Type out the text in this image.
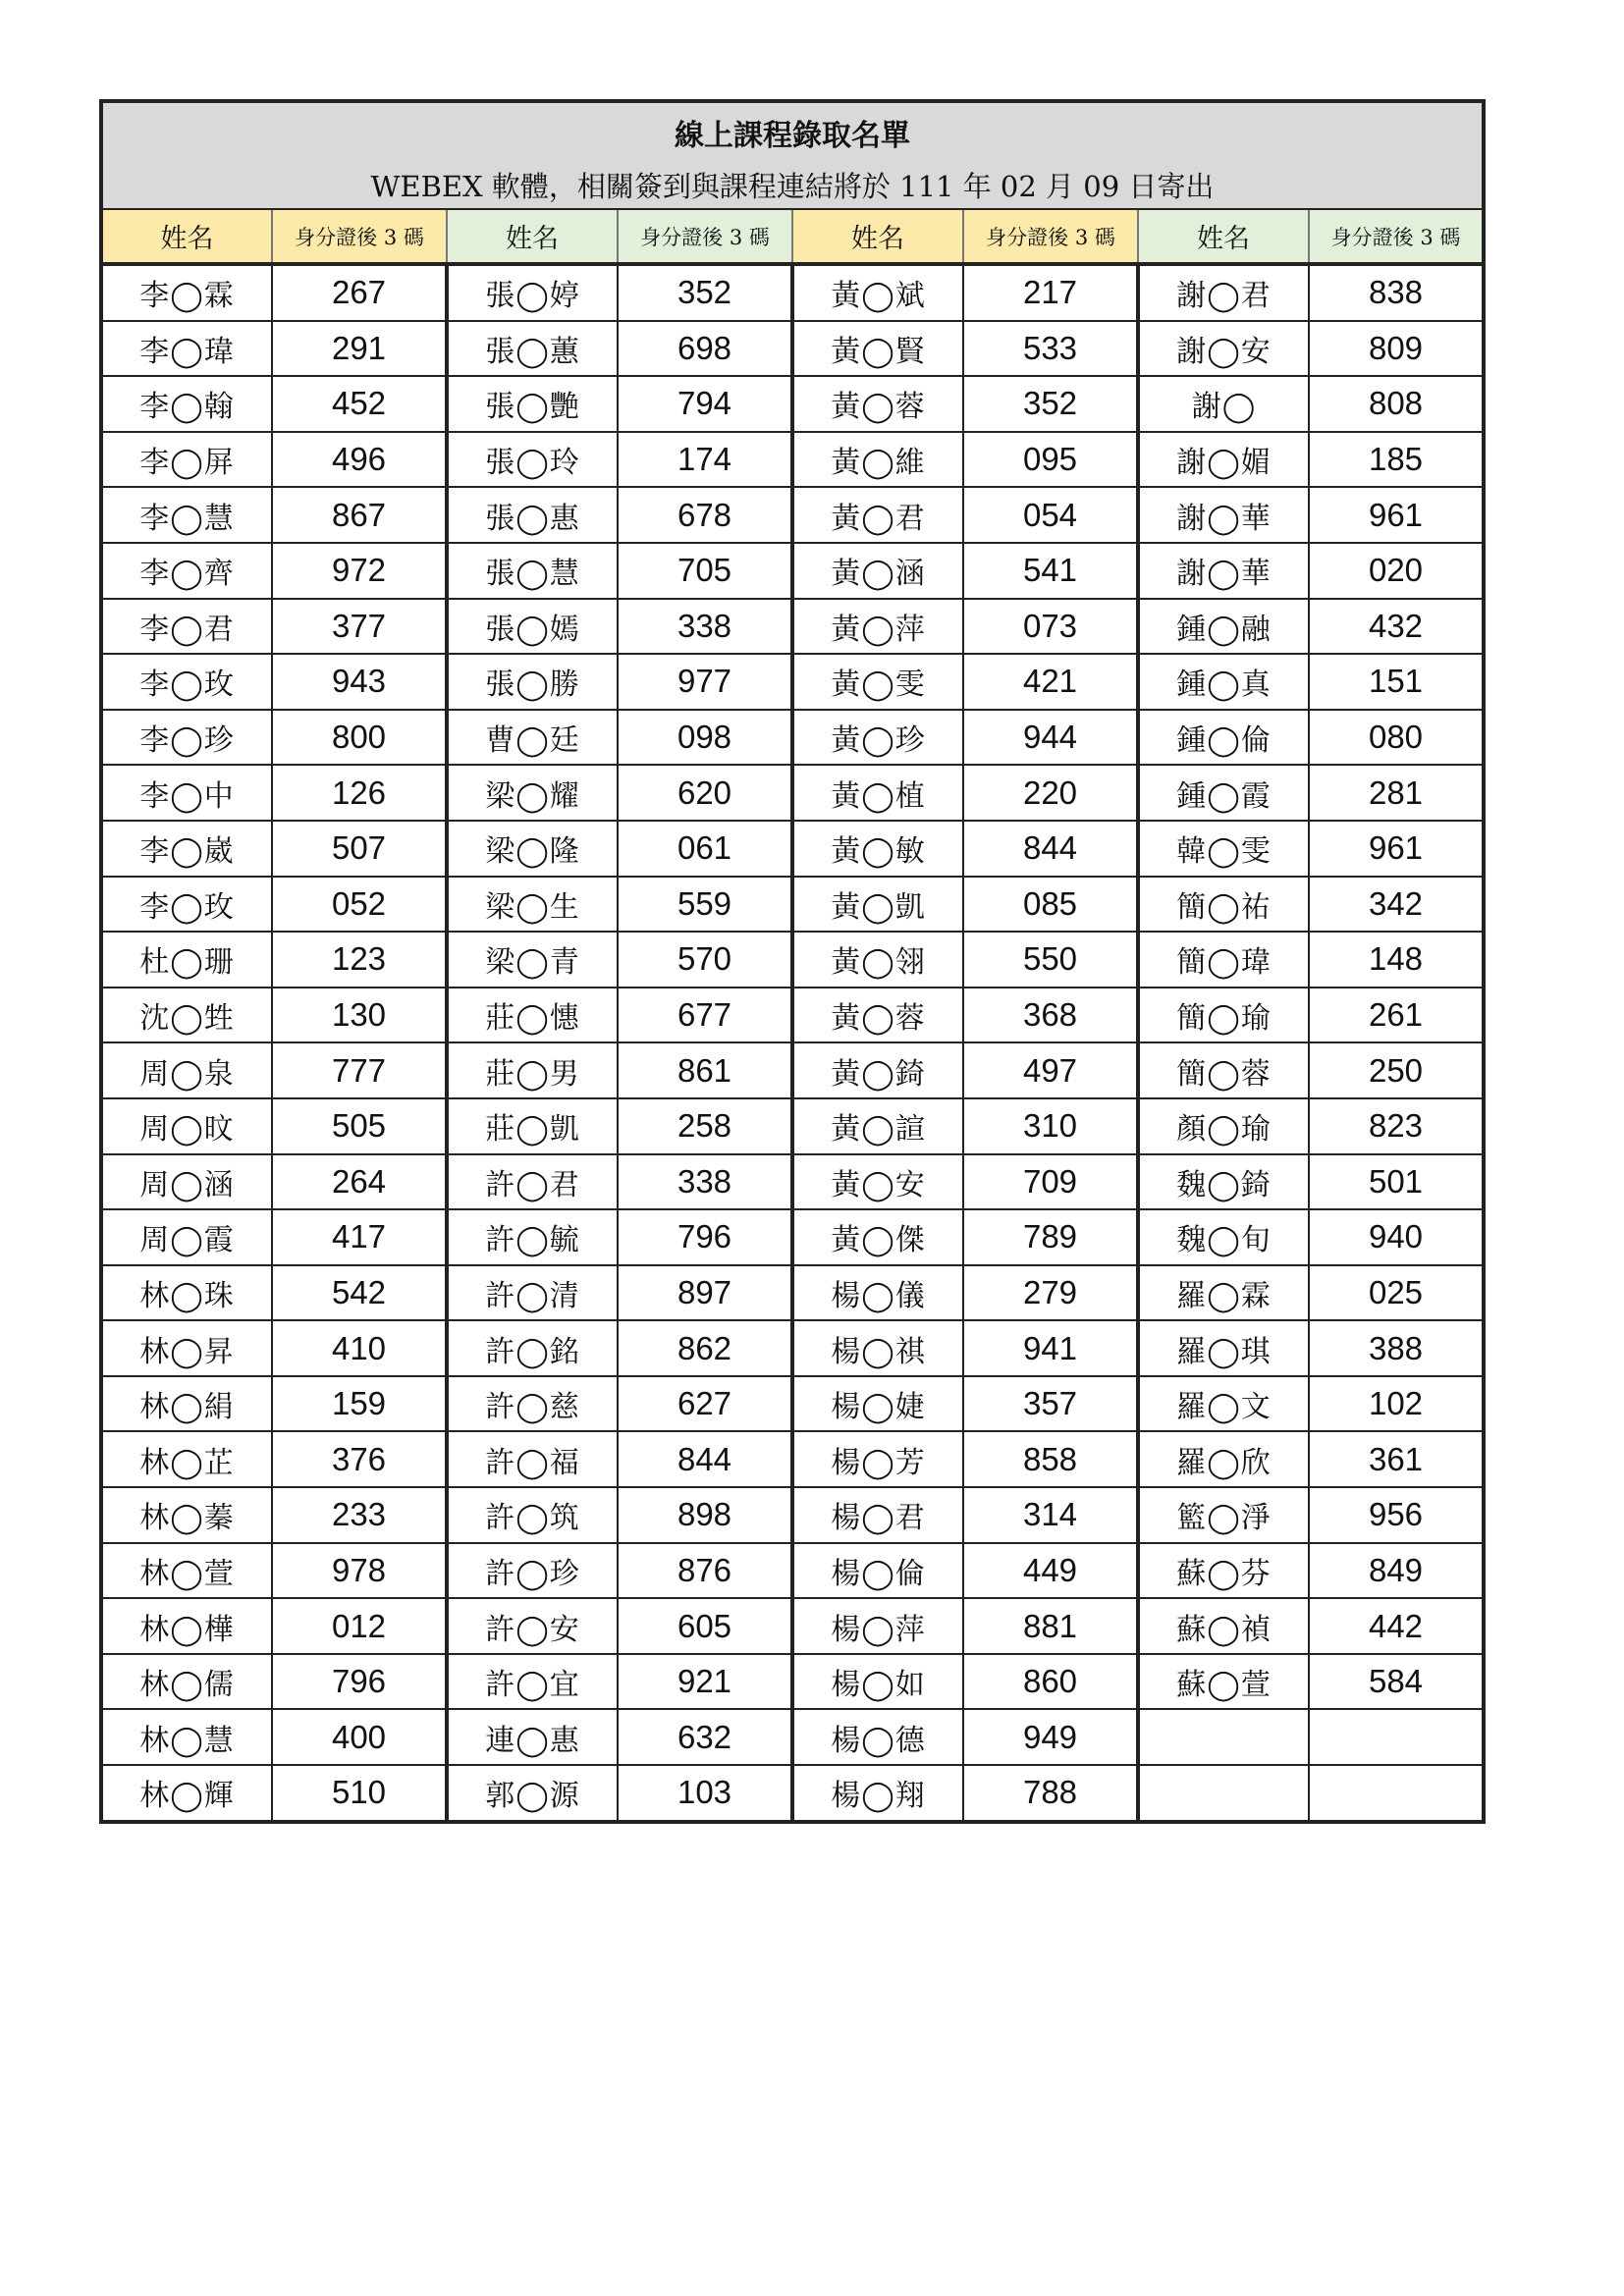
線上課程錄取名單							
WEBEX 軟體，相關簽到與課程連結將於 111 年 02 月 09 日寄出							
姓名	身分證後 3 碼	姓名	身分證後 3 碼	姓名	身分證後 3 碼	姓名	身分證後 3 碼
李◯霖	267	張◯婷	352	黃◯斌	217	謝◯君	838
李◯瑋	291	張◯蕙	698	黃◯賢	533	謝◯安	809
李◯翰	452	張◯艷	794	黃◯蓉	352	謝◯	808
李◯屏	496	張◯玲	174	黃◯維	095	謝◯媚	185
李◯慧	867	張◯惠	678	黃◯君	054	謝◯華	961
李◯齊	972	張◯慧	705	黃◯涵	541	謝◯華	020
李◯君	377	張◯嫣	338	黃◯萍	073	鍾◯融	432
李◯玫	943	張◯勝	977	黃◯雯	421	鍾◯真	151
李◯珍	800	曹◯廷	098	黃◯珍	944	鍾◯倫	080
李◯中	126	梁◯耀	620	黃◯植	220	鍾◯霞	281
李◯崴	507	梁◯隆	061	黃◯敏	844	韓◯雯	961
李◯玫	052	梁◯生	559	黃◯凱	085	簡◯祐	342
杜◯珊	123	梁◯青	570	黃◯翎	550	簡◯瑋	148
沈◯甡	130	莊◯憓	677	黃◯蓉	368	簡◯瑜	261
周◯泉	777	莊◯男	861	黃◯錡	497	簡◯蓉	250
周◯旼	505	莊◯凱	258	黃◯諠	310	顏◯瑜	823
周◯涵	264	許◯君	338	黃◯安	709	魏◯錡	501
周◯霞	417	許◯毓	796	黃◯傑	789	魏◯旬	940
林◯珠	542	許◯清	897	楊◯儀	279	羅◯霖	025
林◯昇	410	許◯銘	862	楊◯祺	941	羅◯琪	388
林◯絹	159	許◯慈	627	楊◯婕	357	羅◯文	102
林◯芷	376	許◯福	844	楊◯芳	858	羅◯欣	361
林◯蓁	233	許◯筑	898	楊◯君	314	籃◯淨	956
林◯萱	978	許◯珍	876	楊◯倫	449	蘇◯芬	849
林◯樺	012	許◯安	605	楊◯萍	881	蘇◯禎	442
林◯儒	796	許◯宜	921	楊◯如	860	蘇◯萱	584
林◯慧	400	連◯惠	632	楊◯德	949		
林◯輝	510	郭◯源	103	楊◯翔	788		
